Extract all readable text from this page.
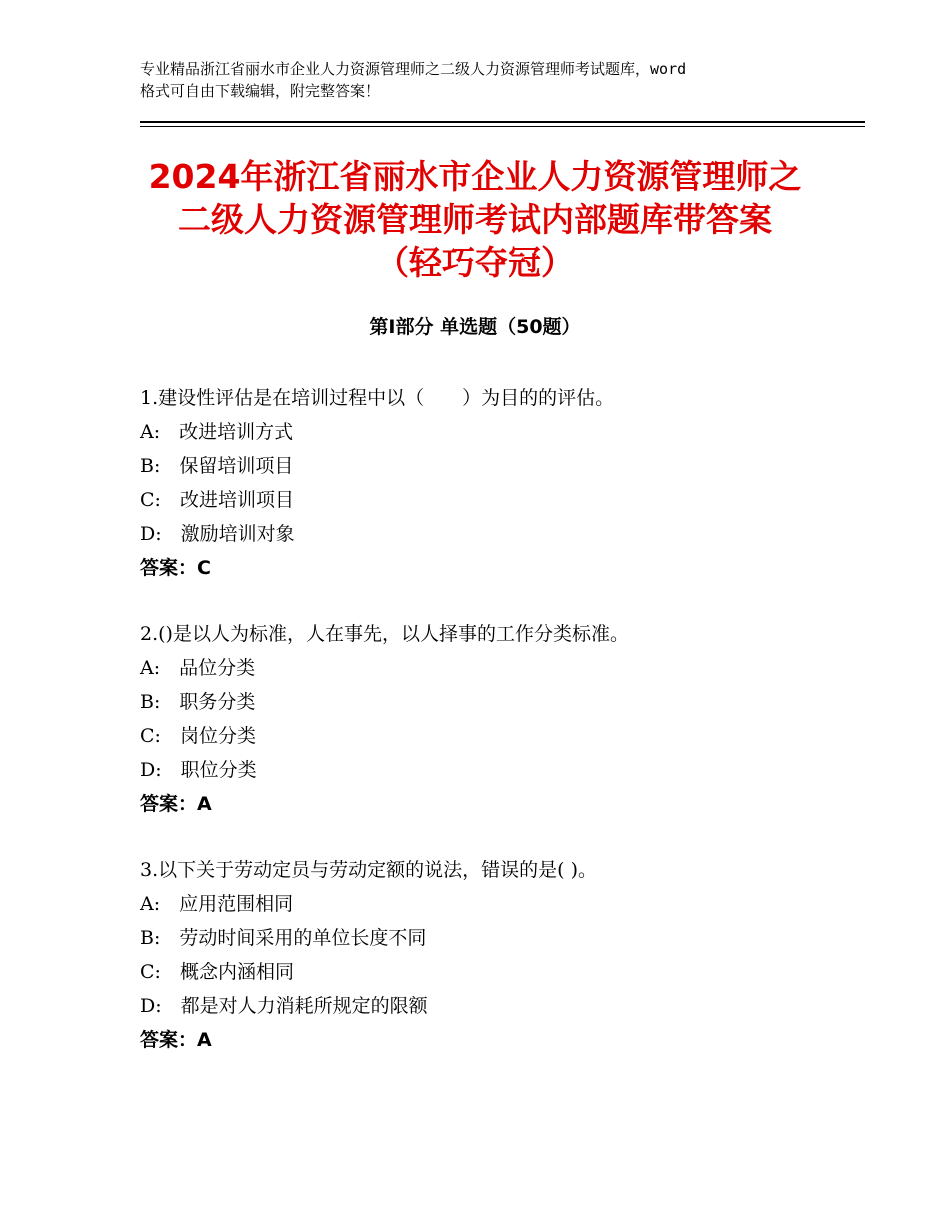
专业精品浙江省丽水市企业人力资源管理师之二级人力资源管理师考试题库，word
格式可自由下载编辑，附完整答案！
2024年浙江省丽水市企业人力资源管理师之
二级人力资源管理师考试内部题库带答案
（轻巧夺冠）
第Ⅰ部分 单选题（50题）
1.建设性评估是在培训过程中以（　　）为目的的评估。
A:　改进培训方式
B:　保留培训项目
C:　改进培训项目
D:　激励培训对象
答案：C
2.()是以人为标准，人在事先，以人择事的工作分类标准。
A:　品位分类
B:　职务分类
C:　岗位分类
D:　职位分类
答案：A
3.以下关于劳动定员与劳动定额的说法，错误的是( )。
A:　应用范围相同
B:　劳动时间采用的单位长度不同
C:　概念内涵相同
D:　都是对人力消耗所规定的限额
答案：A
